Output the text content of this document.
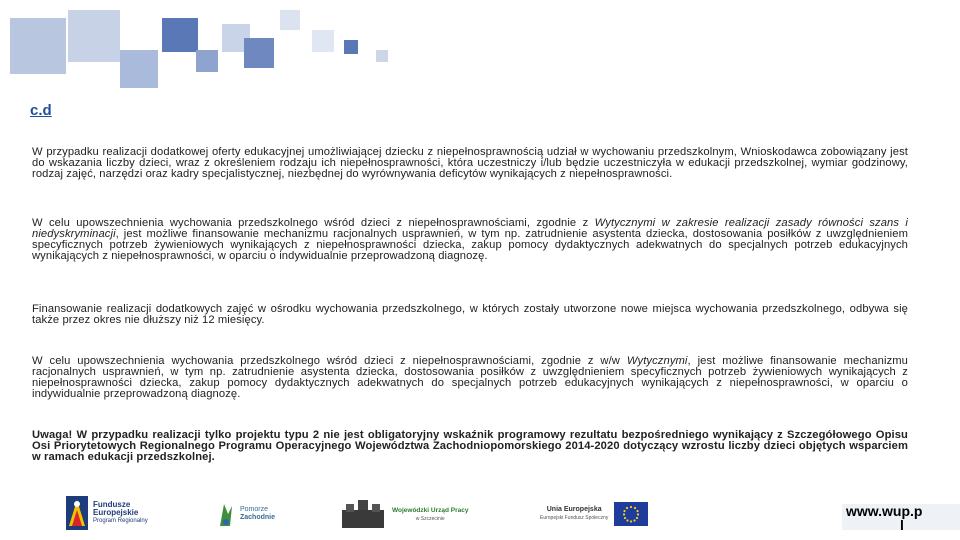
c.d
W przypadku realizacji dodatkowej oferty edukacyjnej umożliwiającej dziecku z niepełnosprawnością udział w wychowaniu przedszkolnym, Wnioskodawca zobowiązany jest do wskazania liczby dzieci, wraz z określeniem rodzaju ich niepełnosprawności, która uczestniczy i/lub będzie uczestniczyła w edukacji przedszkolnej, wymiar godzinowy, rodzaj zajęć, narzędzi oraz kadry specjalistycznej, niezbędnej do wyrównywania deficytów wynikających z niepełnosprawności.
W celu upowszechnienia wychowania przedszkolnego wśród dzieci z niepełnosprawnościami, zgodnie z Wytycznymi w zakresie realizacji zasady równości szans i niedyskryminacji, jest możliwe finansowanie mechanizmu racjonalnych usprawnień, w tym np. zatrudnienie asystenta dziecka, dostosowania posiłków z uwzględnieniem specyficznych potrzeb żywieniowych wynikających z niepełnosprawności dziecka, zakup pomocy dydaktycznych adekwatnych do specjalnych potrzeb edukacyjnych wynikających z niepełnosprawności, w oparciu o indywidualnie przeprowadzoną diagnozę.
Finansowanie realizacji dodatkowych zajęć w ośrodku wychowania przedszkolnego, w których zostały utworzone nowe miejsca wychowania przedszkolnego, odbywa się także przez okres nie dłuższy niż 12 miesięcy.
W celu upowszechnienia wychowania przedszkolnego wśród dzieci z niepełnosprawnościami, zgodnie z w/w Wytycznymi, jest możliwe finansowanie mechanizmu racjonalnych usprawnień, w tym np. zatrudnienie asystenta dziecka, dostosowania posiłków z uwzględnieniem specyficznych potrzeb żywieniowych wynikających z niepełnosprawności dziecka, zakup pomocy dydaktycznych adekwatnych do specjalnych potrzeb edukacyjnych wynikających z niepełnosprawności, w oparciu o indywidualnie przeprowadzoną diagnozę.
Uwaga! W przypadku realizacji tylko projektu typu 2 nie jest obligatoryjny wskaźnik programowy rezultatu bezpośredniego wynikający z Szczegółowego Opisu Osi Priorytetowych Regionalnego Programu Operacyjnego Województwa Zachodniopomorskiego 2014-2020 dotyczący wzrostu liczby dzieci objętych wsparciem w ramach edukacji przedszkolnej.
Fundusze
Europejskie
Program Regionalny
Pomorze
Zachodnie
Wojewódzki Urząd Pracy
w Szczecinie
Unia Europejska
Europejski Fundusz Społeczny	www.wup.p
l
